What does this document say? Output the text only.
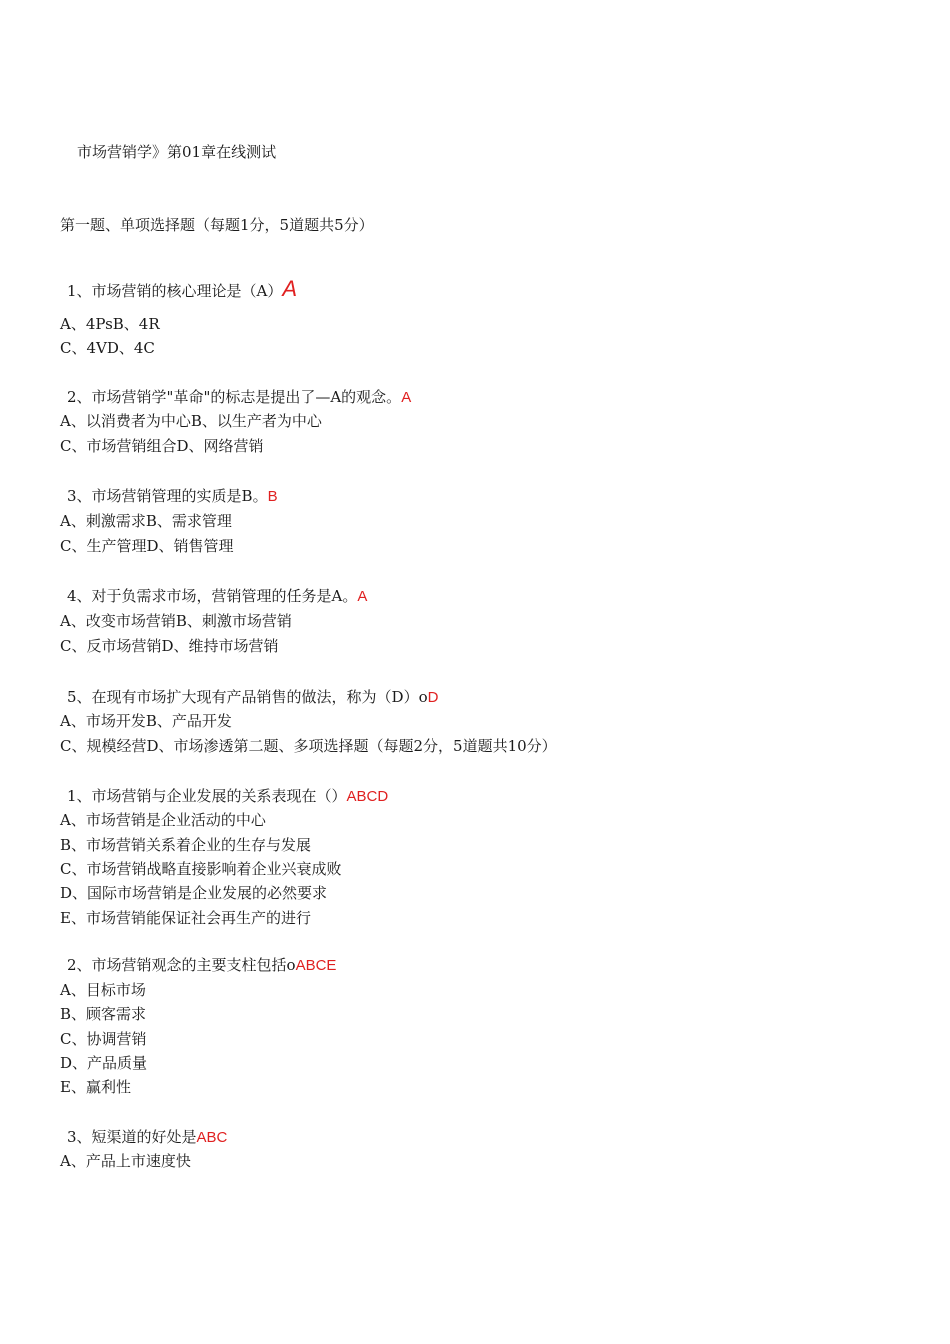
市场营销学》第01章在线测试
第一题、单项选择题（每题1分，5道题共5分）
1、市场营销的核心理论是（A）A
A、4PsB、4R
C、4VD、4C
2、市场营销学"革命"的标志是提出了—A的观念。A
A、以消费者为中心B、以生产者为中心
C、市场营销组合D、网络营销
3、市场营销管理的实质是B。B
A、刺激需求B、需求管理
C、生产管理D、销售管理
4、对于负需求市场，营销管理的任务是A。A
A、改变市场营销B、刺激市场营销
C、反市场营销D、维持市场营销
5、在现有市场扩大现有产品销售的做法，称为（D）oD
A、市场开发B、产品开发
C、规模经营D、市场渗透第二题、多项选择题（每题2分，5道题共10分）
1、市场营销与企业发展的关系表现在（）ABCD
A、市场营销是企业活动的中心
B、市场营销关系着企业的生存与发展
C、市场营销战略直接影响着企业兴衰成败
D、国际市场营销是企业发展的必然要求
E、市场营销能保证社会再生产的进行
2、市场营销观念的主要支柱包括oABCE
A、目标市场
B、顾客需求
C、协调营销
D、产品质量
E、赢利性
3、短渠道的好处是ABC
A、产品上市速度快
